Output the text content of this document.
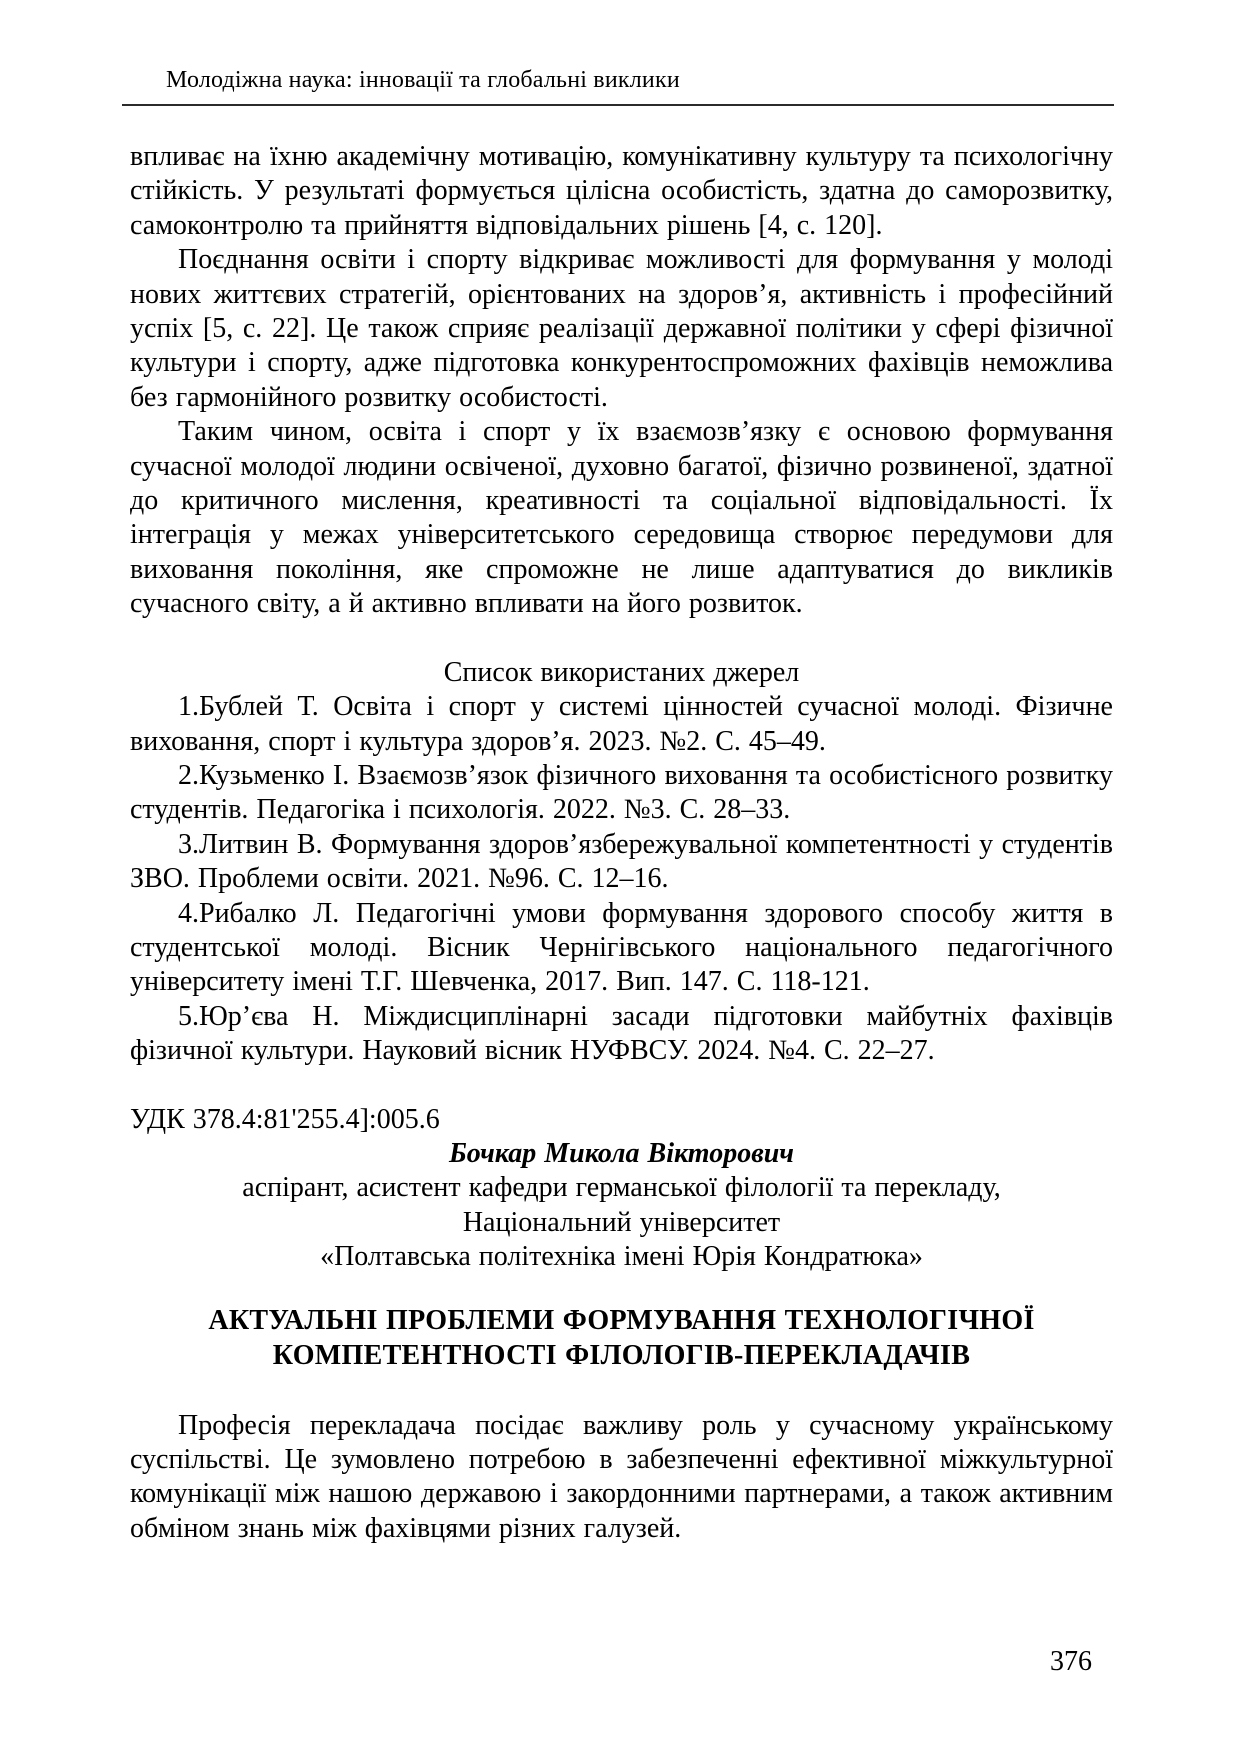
Молодіжна наука: інновації та глобальні виклики

впливає на їхню академічну мотивацію, комунікативну культуру та психологічну стійкість. У результаті формується цілісна особистість, здатна до саморозвитку, самоконтролю та прийняття відповідальних рішень [4, с. 120].

Поєднання освіти і спорту відкриває можливості для формування у молоді нових життєвих стратегій, орієнтованих на здоров’я, активність і професійний успіх [5, с. 22]. Це також сприяє реалізації державної політики у сфері фізичної культури і спорту, адже підготовка конкурентоспроможних фахівців неможлива без гармонійного розвитку особистості.

Таким чином, освіта і спорт у їх взаємозв’язку є основою формування сучасної молодої людини освіченої, духовно багатої, фізично розвиненої, здатної до критичного мислення, креативності та соціальної відповідальності. Їх інтеграція у межах університетського середовища створює передумови для виховання покоління, яке спроможне не лише адаптуватися до викликів сучасного світу, а й активно впливати на його розвиток.

Список використаних джерел

1.Бублей Т. Освіта і спорт у системі цінностей сучасної молоді. Фізичне виховання, спорт і культура здоров’я. 2023. №2. С. 45–49.

2.Кузьменко І. Взаємозв’язок фізичного виховання та особистісного розвитку студентів. Педагогіка і психологія. 2022. №3. С. 28–33.

3.Литвин В. Формування здоров’язбережувальної компетентності у студентів ЗВО. Проблеми освіти. 2021. №96. С. 12–16.

4.Рибалко Л. Педагогічні умови формування здорового способу життя в студентської молоді. Вісник Чернігівського національного педагогічного університету імені Т.Г. Шевченка, 2017. Вип. 147. С. 118-121.

5.Юр’єва Н. Міждисциплінарні засади підготовки майбутніх фахівців фізичної культури. Науковий вісник НУФВСУ. 2024. №4. С. 22–27.

УДК 378.4:81'255.4]:005.6

Бочкар Микола Вікторович

аспірант, асистент кафедри германської філології та перекладу,

Національний університет

«Полтавська політехніка імені Юрія Кондратюка»

АКТУАЛЬНІ ПРОБЛЕМИ ФОРМУВАННЯ ТЕХНОЛОГІЧНОЇ КОМПЕТЕНТНОСТІ ФІЛОЛОГІВ-ПЕРЕКЛАДАЧІВ

Професія перекладача посідає важливу роль у сучасному українському суспільстві. Це зумовлено потребою в забезпеченні ефективної міжкультурної комунікації між нашою державою і закордонними партнерами, а також активним обміном знань між фахівцями різних галузей.

376
